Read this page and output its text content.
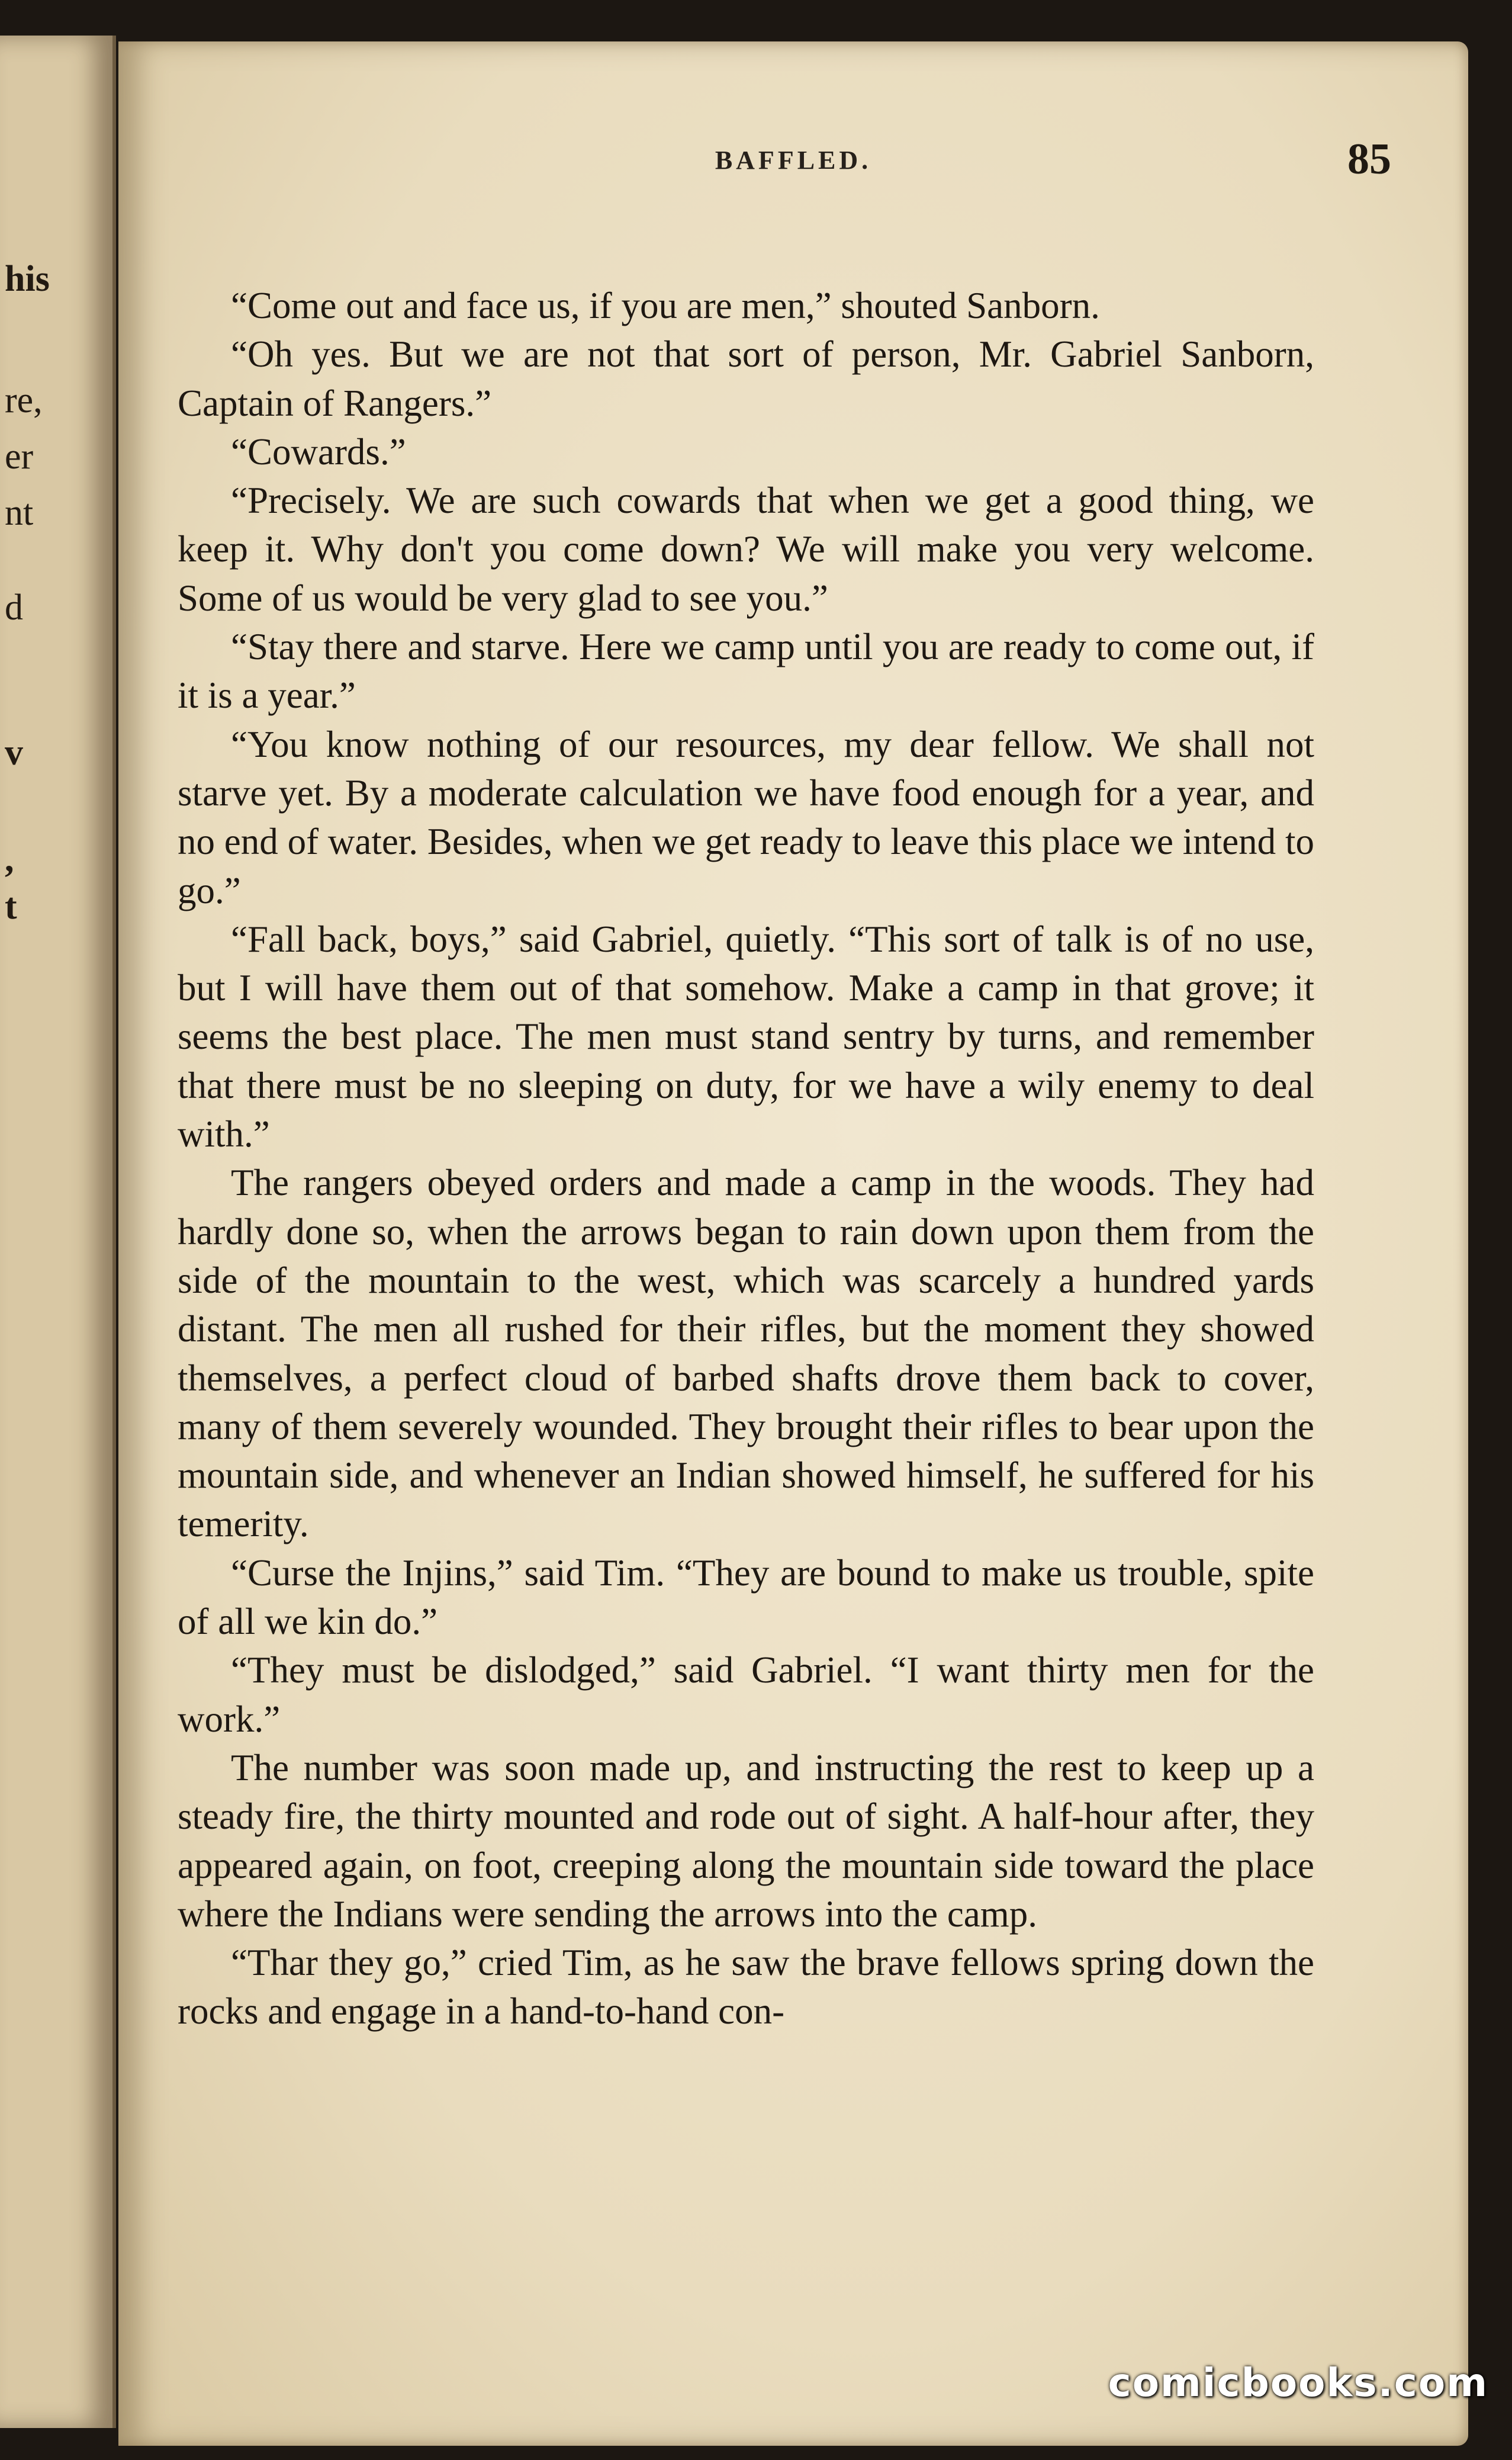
his
re,
er
nt
d
v
,
t
BAFFLED.	85

“Come out and face us, if you are men,” shouted Sanborn.

“Oh yes. But we are not that sort of person, Mr. Gabriel Sanborn, Captain of Rangers.”

“Cowards.”

“Precisely. We are such cowards that when we get a good thing, we keep it. Why don't you come down? We will make you very welcome. Some of us would be very glad to see you.”

“Stay there and starve. Here we camp until you are ready to come out, if it is a year.”

“You know nothing of our resources, my dear fellow. We shall not starve yet. By a moderate calculation we have food enough for a year, and no end of water. Besides, when we get ready to leave this place we intend to go.”

“Fall back, boys,” said Gabriel, quietly. “This sort of talk is of no use, but I will have them out of that somehow. Make a camp in that grove; it seems the best place. The men must stand sentry by turns, and remember that there must be no sleeping on duty, for we have a wily enemy to deal with.”

The rangers obeyed orders and made a camp in the woods. They had hardly done so, when the arrows began to rain down upon them from the side of the mountain to the west, which was scarcely a hundred yards distant. The men all rushed for their rifles, but the moment they showed themselves, a perfect cloud of barbed shafts drove them back to cover, many of them severely wounded. They brought their rifles to bear upon the mountain side, and whenever an Indian showed himself, he suffered for his temerity.

“Curse the Injins,” said Tim. “They are bound to make us trouble, spite of all we kin do.”

“They must be dislodged,” said Gabriel. “I want thirty men for the work.”

The number was soon made up, and instructing the rest to keep up a steady fire, the thirty mounted and rode out of sight. A half-hour after, they appeared again, on foot, creeping along the mountain side toward the place where the Indians were sending the arrows into the camp.

“Thar they go,” cried Tim, as he saw the brave fellows spring down the rocks and engage in a hand-to-hand con-

comicbooks.com
